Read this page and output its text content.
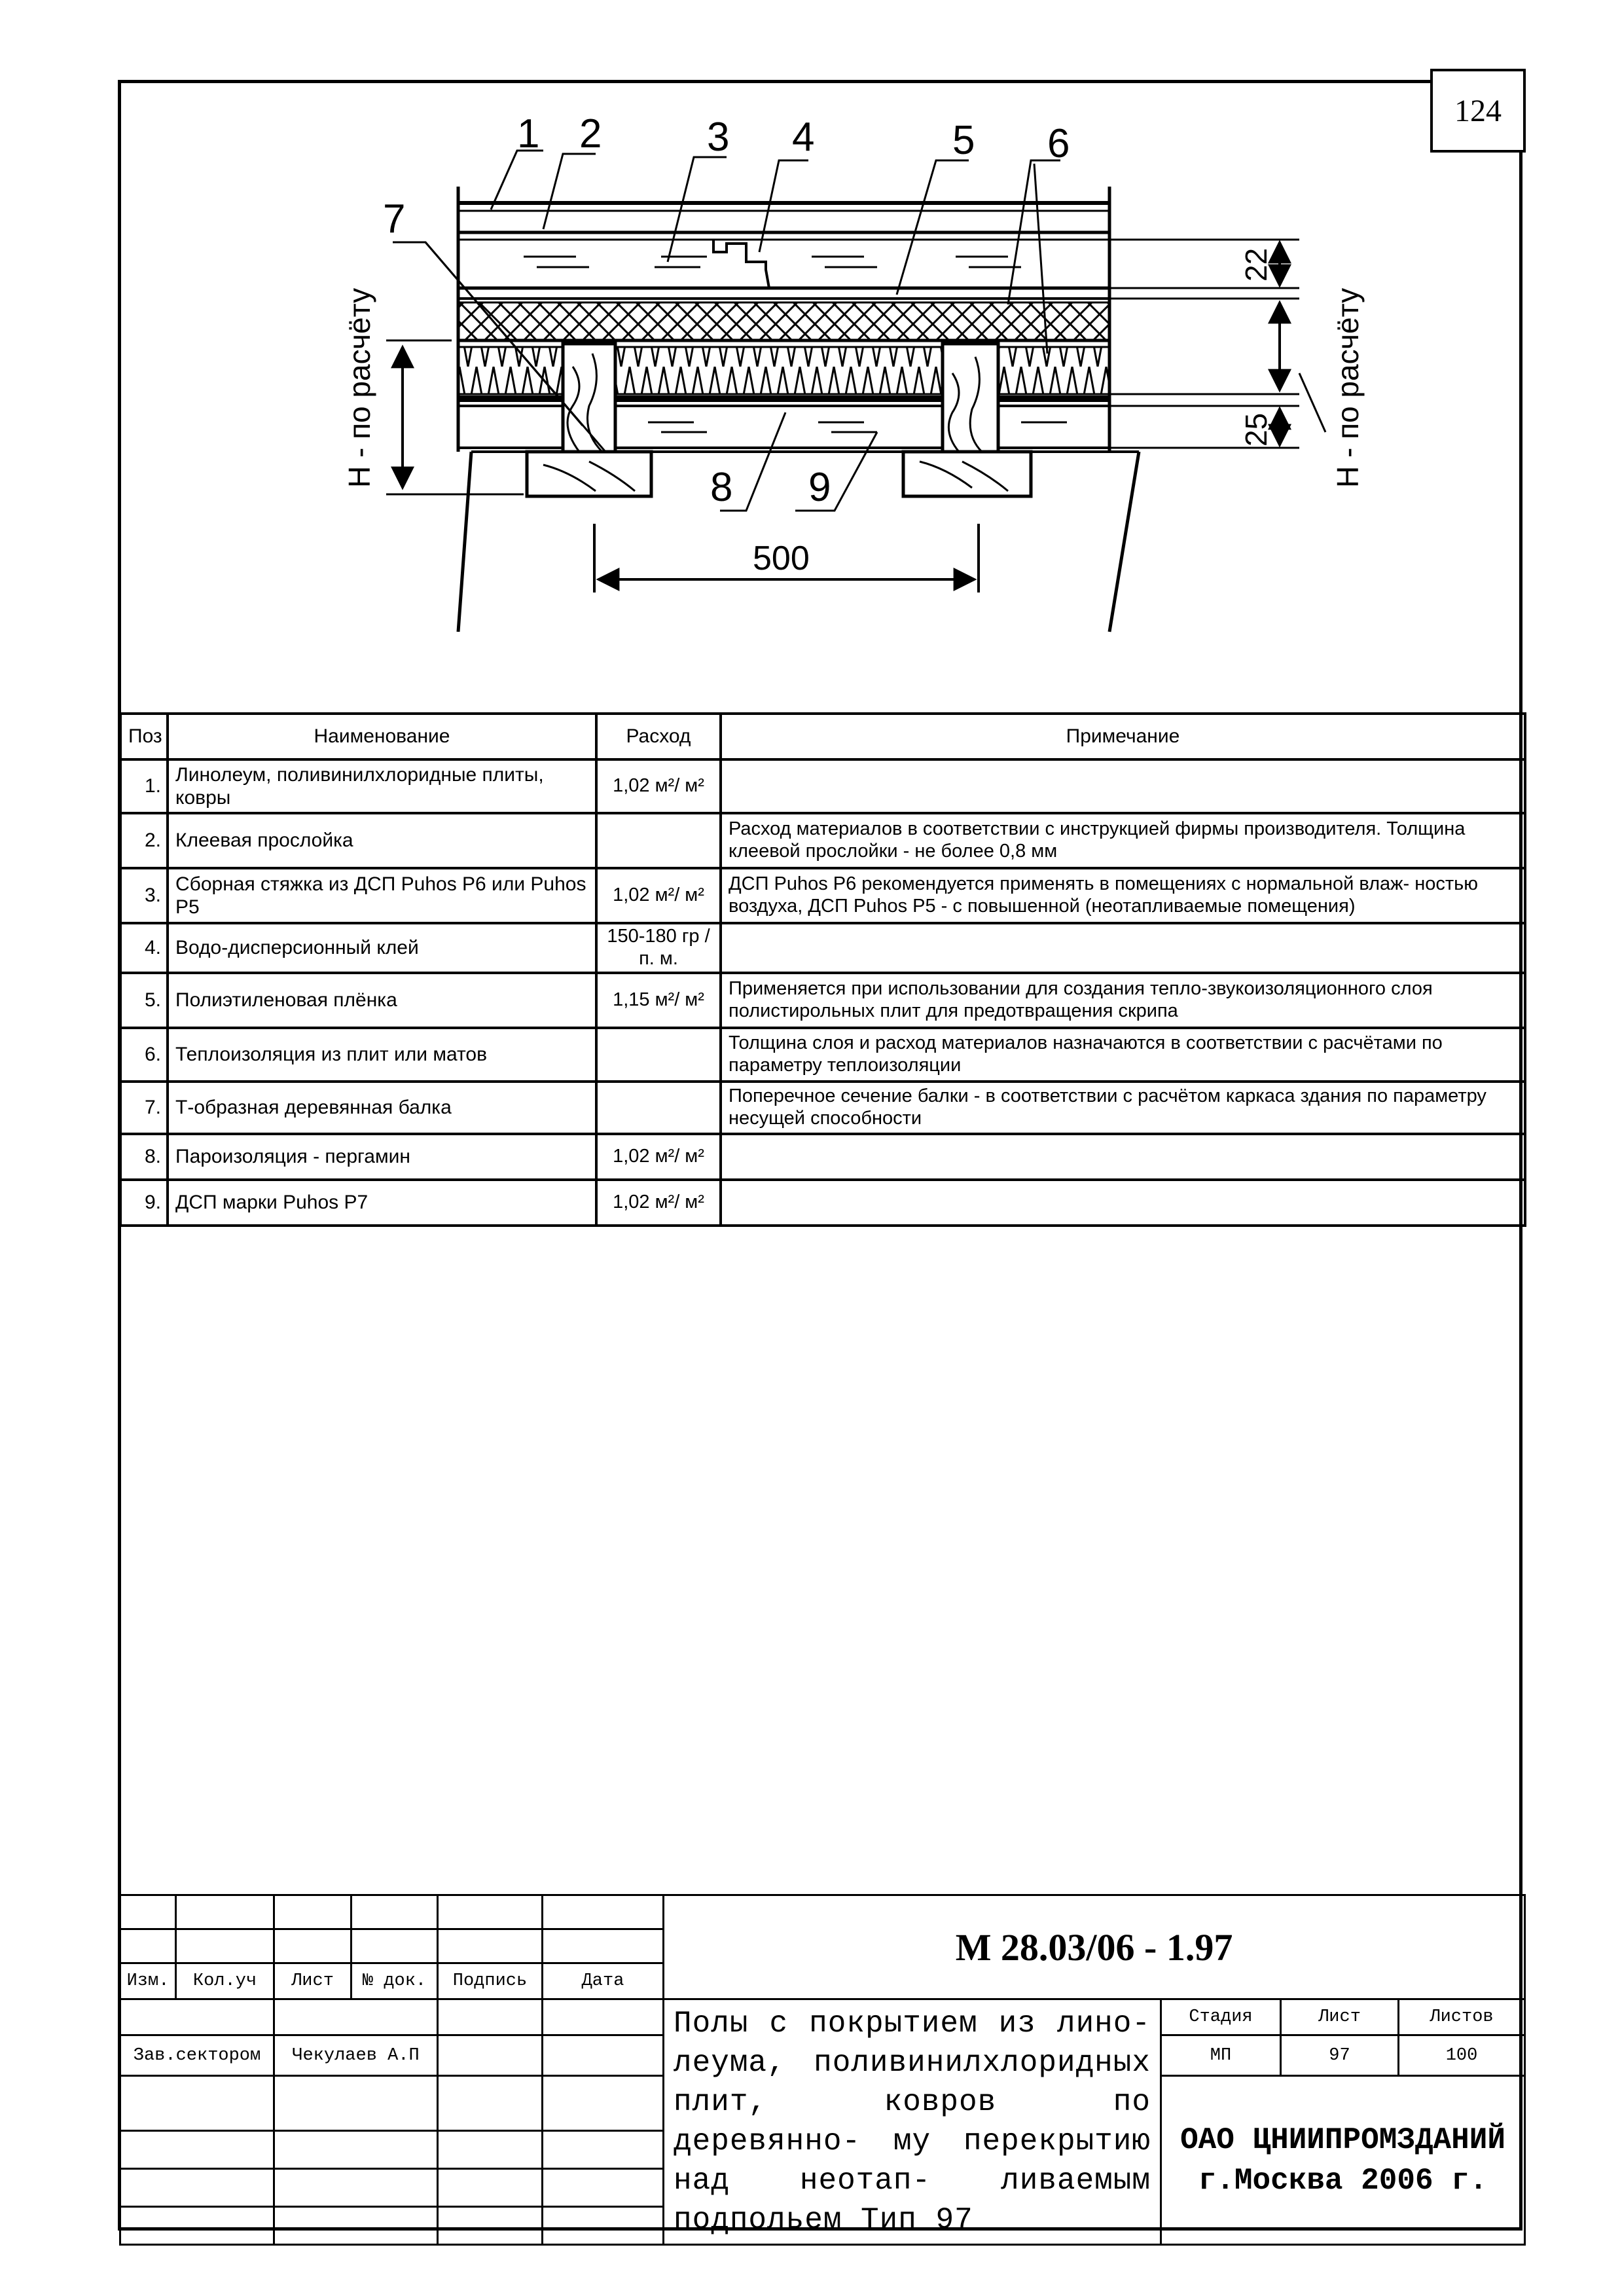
124
1 2	3 4	5 6
7
8 9
Н - по расчёту
22
25 Н - по расчёту
500
Поз	Наименование	Расход	Примечание
1.	Линолеум, поливинилхлоридные плиты, ковры	1,02 м²/ м²	
2.	Клеевая прослойка		Расход материалов в соответствии с инструкцией фирмы производителя. Толщина клеевой прослойки - не более 0,8 мм
3.	Сборная стяжка из ДСП Puhos P6 или Puhos P5	1,02 м²/ м²	ДСП Puhos P6 рекомендуется применять в помещениях с нормальной влаж- ностью воздуха, ДСП Puhos P5 - с повышенной (неотапливаемые помещения)
4.	Водо-дисперсионный клей	150-180 гр /п. м.	
5.	Полиэтиленовая плёнка	1,15 м²/ м²	Применяется при использовании для создания тепло-звукоизоляционного слоя полистирольных плит для предотвращения скрипа
6.	Теплоизоляция из плит или матов		Толщина слоя и расход материалов назначаются в соответствии с расчётами по параметру теплоизоляции
7.	Т-образная деревянная балка		Поперечное сечение балки - в соответствии с расчётом каркаса здания по параметру несущей способности
8.	Пароизоляция - пергамин	1,02 м²/ м²	
9.	ДСП марки Puhos P7	1,02 м²/ м²	
						М 28.03/06 - 1.97			

Изм.	Кол.уч	Лист	№ док.	Подпись	Дата				
						Полы с покрытием из лино- леума, поливинилхлоридных плит, ковров по деревянно- му перекрытию над неотап- ливаемым подпольем Тип 97	Стадия	Лист	Листов
Зав.сектором		Чекулаев А.П					МП	97	100

							ОАО ЦНИИПРОМЗДАНИЙ
г.Москва 2006 г.		
